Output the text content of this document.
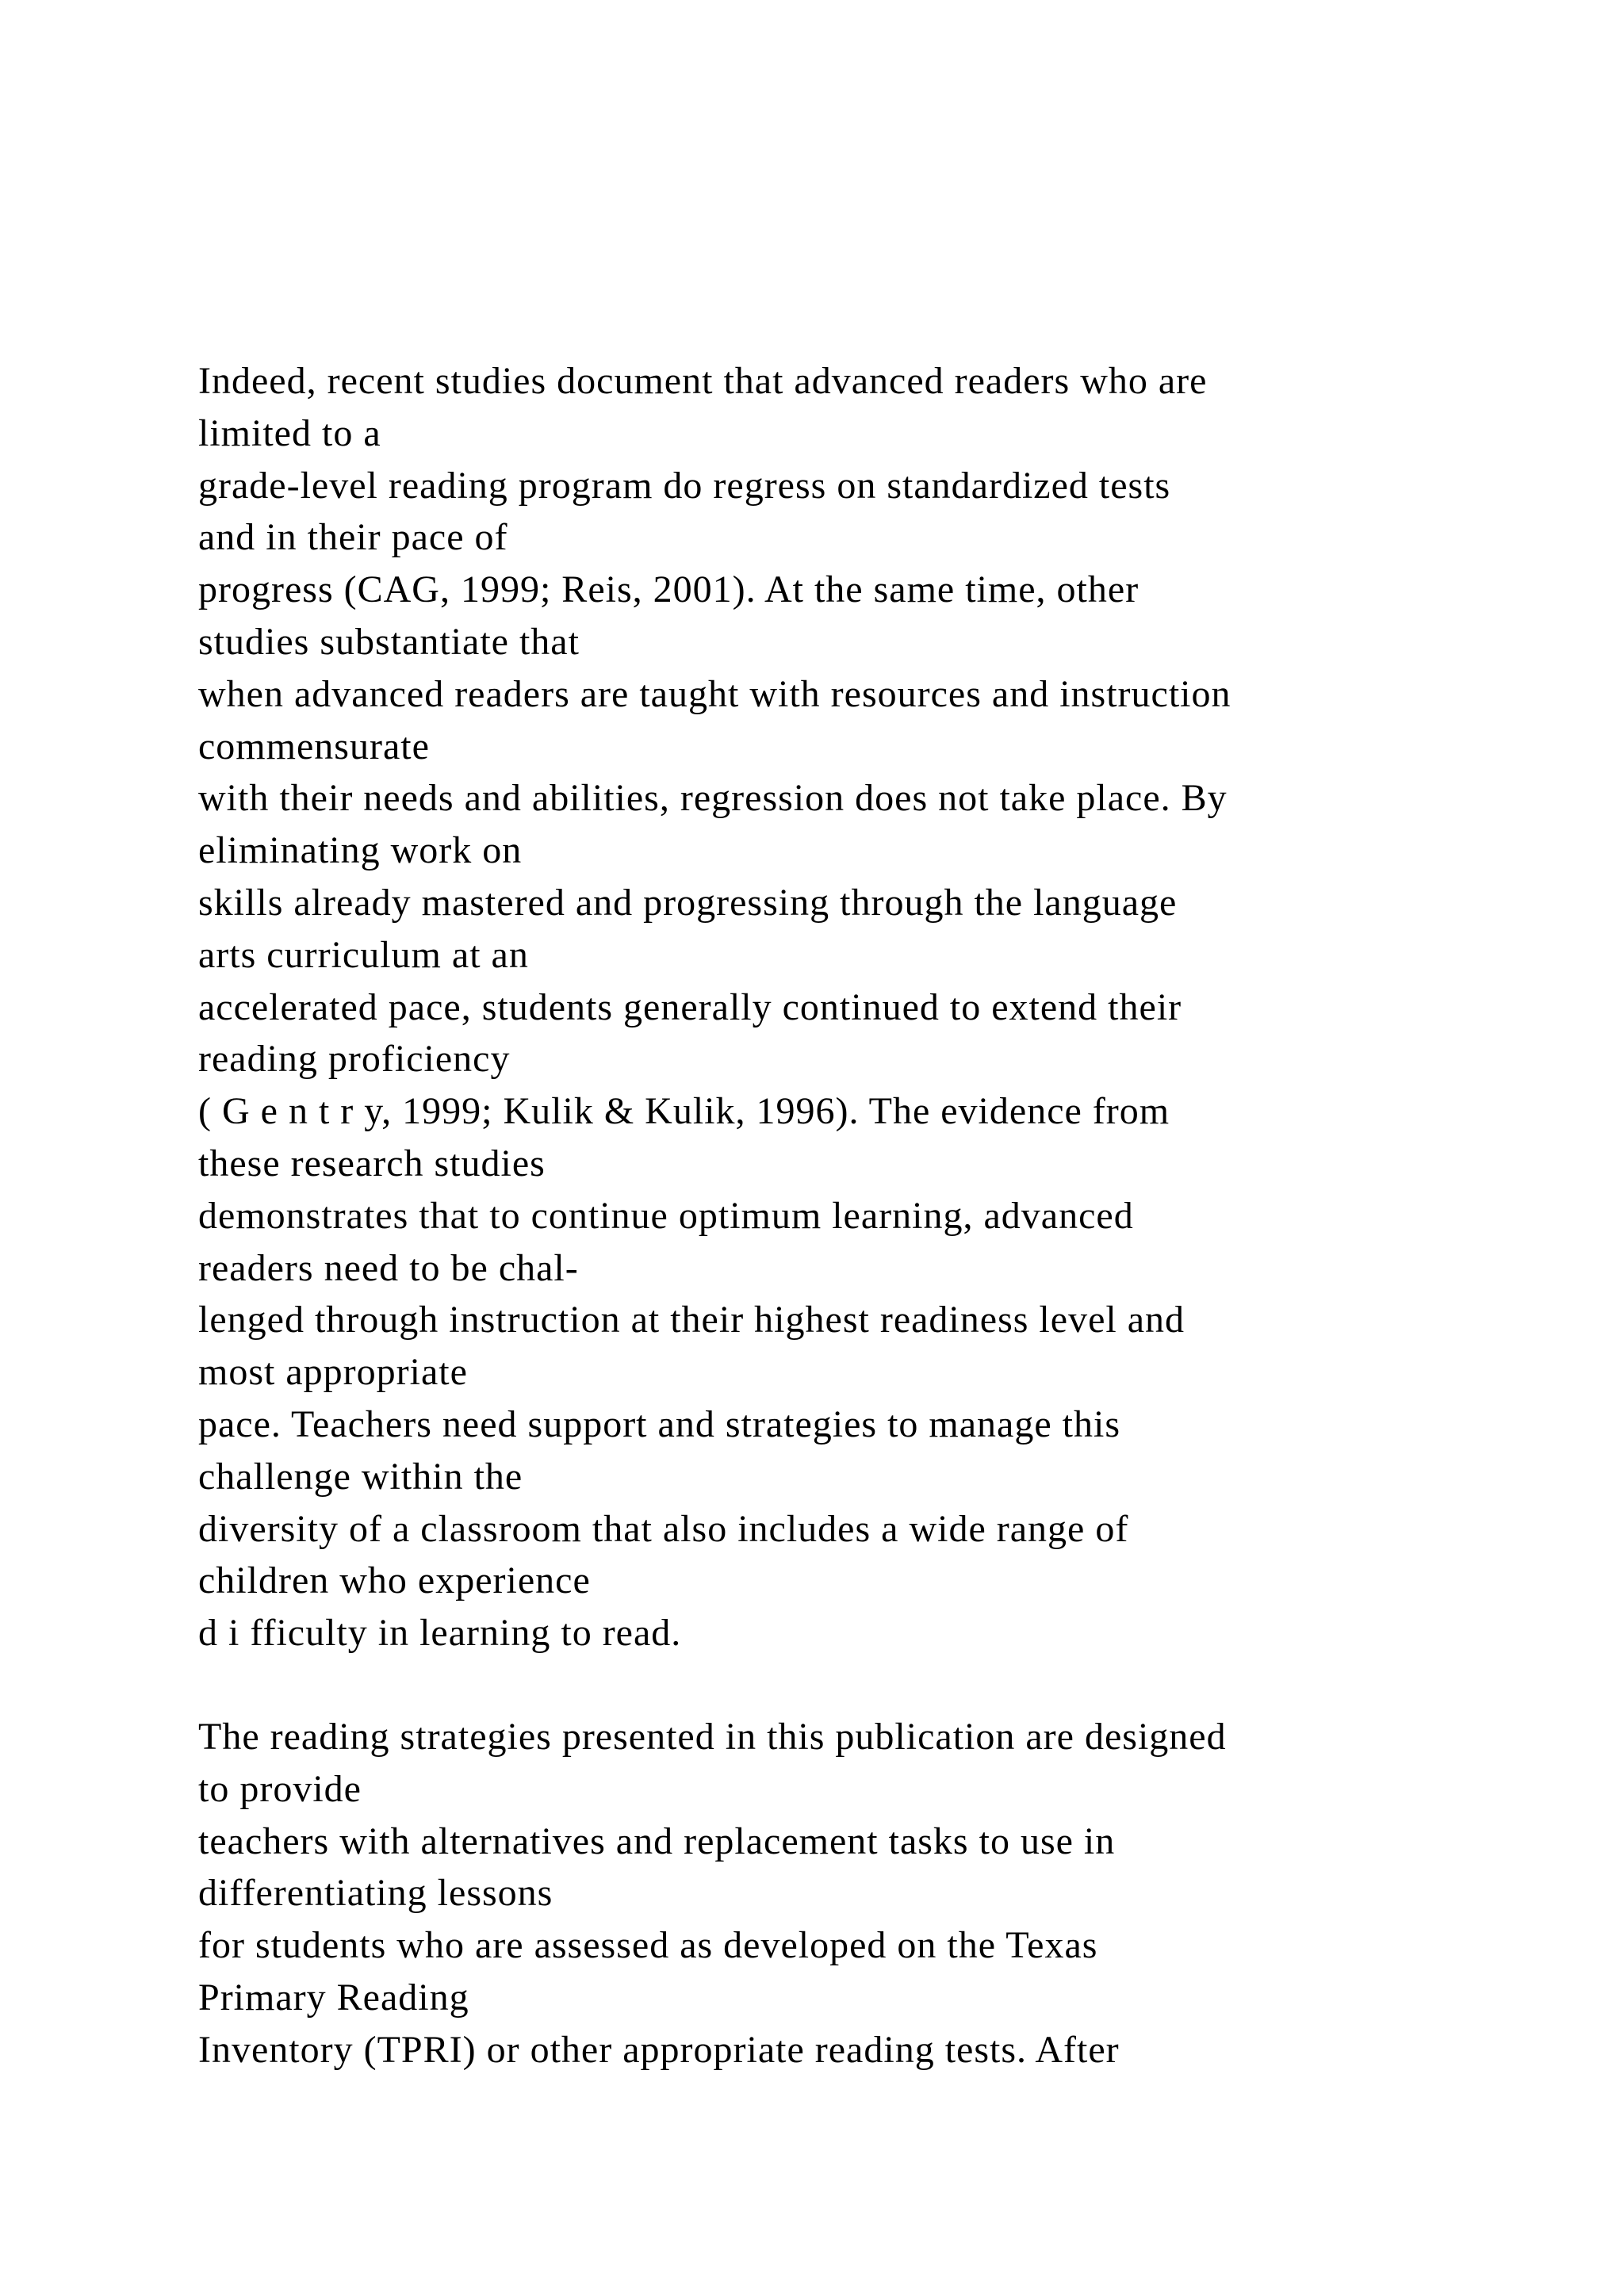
Indeed, recent studies document that advanced readers who are
limited to a
grade-level reading program do regress on standardized tests
and in their pace of
progress (CAG, 1999; Reis, 2001). At the same time, other
studies substantiate that
when advanced readers are taught with resources and instruction
commensurate
with their needs and abilities, regression does not take place. By
eliminating work on
skills already mastered and progressing through the language
arts curriculum at an
accelerated pace, students generally continued to extend their
reading proficiency
( G e n t r y, 1999; Kulik & Kulik, 1996). The evidence from
these research studies
demonstrates that to continue optimum learning, advanced
readers need to be chal-
lenged through instruction at their highest readiness level and
most appropriate
pace. Teachers need support and strategies to manage this
challenge within the
diversity of a classroom that also includes a wide range of
children who experience
d i fficulty in learning to read.
The reading strategies presented in this publication are designed
to provide
teachers with alternatives and replacement tasks to use in
differentiating lessons
for students who are assessed as developed on the Texas
Primary Reading
Inventory (TPRI) or other appropriate reading tests. After
